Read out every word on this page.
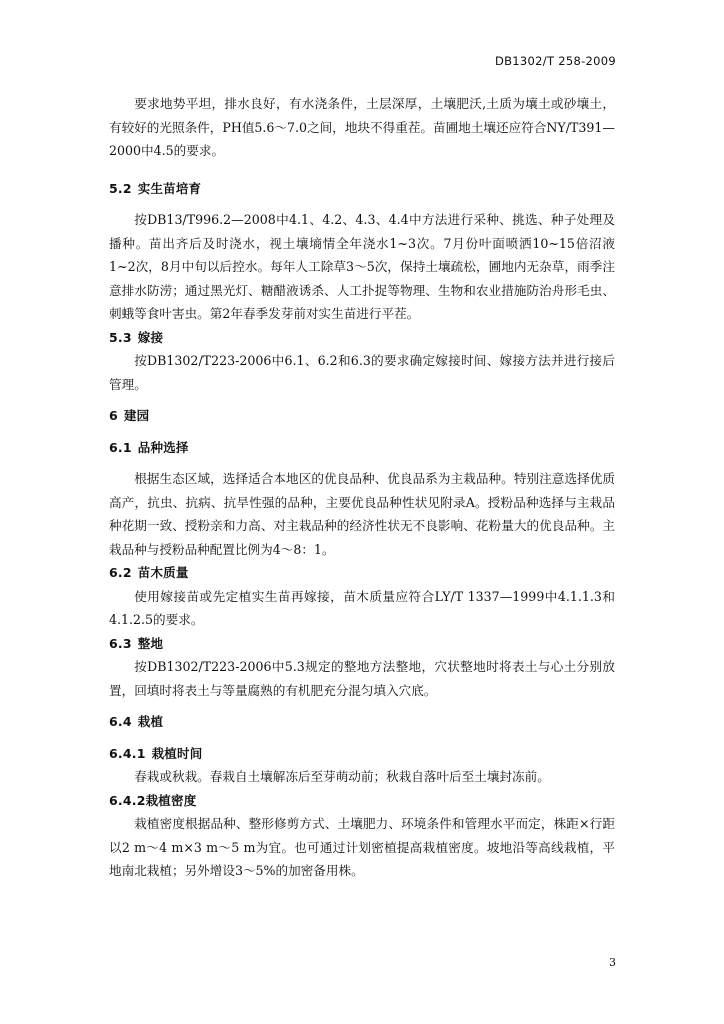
DB1302/T 258-2009

要求地势平坦，排水良好，有水浇条件，土层深厚，土壤肥沃,土质为壤土或砂壤土，有较好的光照条件，PH值5.6～7.0之间，地块不得重茬。苗圃地土壤还应符合NY/T391—2000中4.5的要求。

5.2 实生苗培育

按DB13/T996.2—2008中4.1、4.2、4.3、4.4中方法进行采种、挑选、种子处理及播种。苗出齐后及时浇水，视土壤墒情全年浇水1~3次。7月份叶面喷洒10~15倍沼液1~2次，8月中旬以后控水。每年人工除草3～5次，保持土壤疏松，圃地内无杂草，雨季注意排水防涝；通过黑光灯、糖醋液诱杀、人工扑捉等物理、生物和农业措施防治舟形毛虫、刺蛾等食叶害虫。第2年春季发芽前对实生苗进行平茬。

5.3 嫁接

按DB1302/T223-2006中6.1、6.2和6.3的要求确定嫁接时间、嫁接方法并进行接后管理。

6 建园

6.1 品种选择

根据生态区域，选择适合本地区的优良品种、优良品系为主栽品种。特别注意选择优质高产，抗虫、抗病、抗旱性强的品种，主要优良品种性状见附录A。授粉品种选择与主栽品种花期一致、授粉亲和力高、对主栽品种的经济性状无不良影响、花粉量大的优良品种。主栽品种与授粉品种配置比例为4～8：1。

6.2 苗木质量

使用嫁接苗或先定植实生苗再嫁接，苗木质量应符合LY/T 1337—1999中4.1.1.3和4.1.2.5的要求。

6.3 整地

按DB1302/T223-2006中5.3规定的整地方法整地，穴状整地时将表土与心土分别放置，回填时将表土与等量腐熟的有机肥充分混匀填入穴底。

6.4 栽植

6.4.1 栽植时间

春栽或秋栽。春栽自土壤解冻后至芽萌动前；秋栽自落叶后至土壤封冻前。

6.4.2栽植密度

栽植密度根据品种、整形修剪方式、土壤肥力、环境条件和管理水平而定，株距×行距以2 m～4 m×3 m～5 m为宜。也可通过计划密植提高栽植密度。坡地沿等高线栽植，平地南北栽植；另外增设3～5%的加密备用株。

3
